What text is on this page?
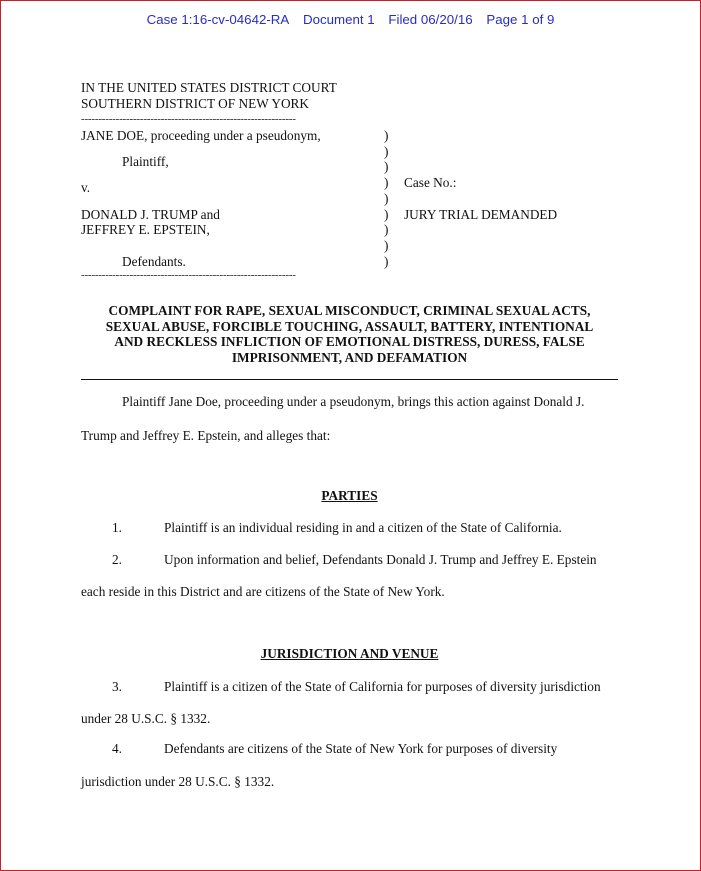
Case 1:16-cv-04642-RA Document 1 Filed 06/20/16 Page 1 of 9
IN THE UNITED STATES DISTRICT COURT
SOUTHERN DISTRICT OF NEW YORK
--------------------------------------------------------------
JANE DOE, proceeding under a pseudonym,
Plaintiff,
v.
DONALD J. TRUMP and
JEFFREY E. EPSTEIN,
Defendants.
--------------------------------------------------------------
)
)
)
)
)
)
)
)
)
Case No.:
JURY TRIAL DEMANDED
COMPLAINT FOR RAPE, SEXUAL MISCONDUCT, CRIMINAL SEXUAL ACTS,
SEXUAL ABUSE, FORCIBLE TOUCHING, ASSAULT, BATTERY, INTENTIONAL
AND RECKLESS INFLICTION OF EMOTIONAL DISTRESS, DURESS, FALSE
IMPRISONMENT, AND DEFAMATION
Plaintiff Jane Doe, proceeding under a pseudonym, brings this action against Donald J.
Trump and Jeffrey E. Epstein, and alleges that:
PARTIES
1.	Plaintiff is an individual residing in and a citizen of the State of California.
2.	Upon information and belief, Defendants Donald J. Trump and Jeffrey E. Epstein
each reside in this District and are citizens of the State of New York.
JURISDICTION AND VENUE
3.	Plaintiff is a citizen of the State of California for purposes of diversity jurisdiction
under 28 U.S.C. § 1332.
4.	Defendants are citizens of the State of New York for purposes of diversity
jurisdiction under 28 U.S.C. § 1332.
